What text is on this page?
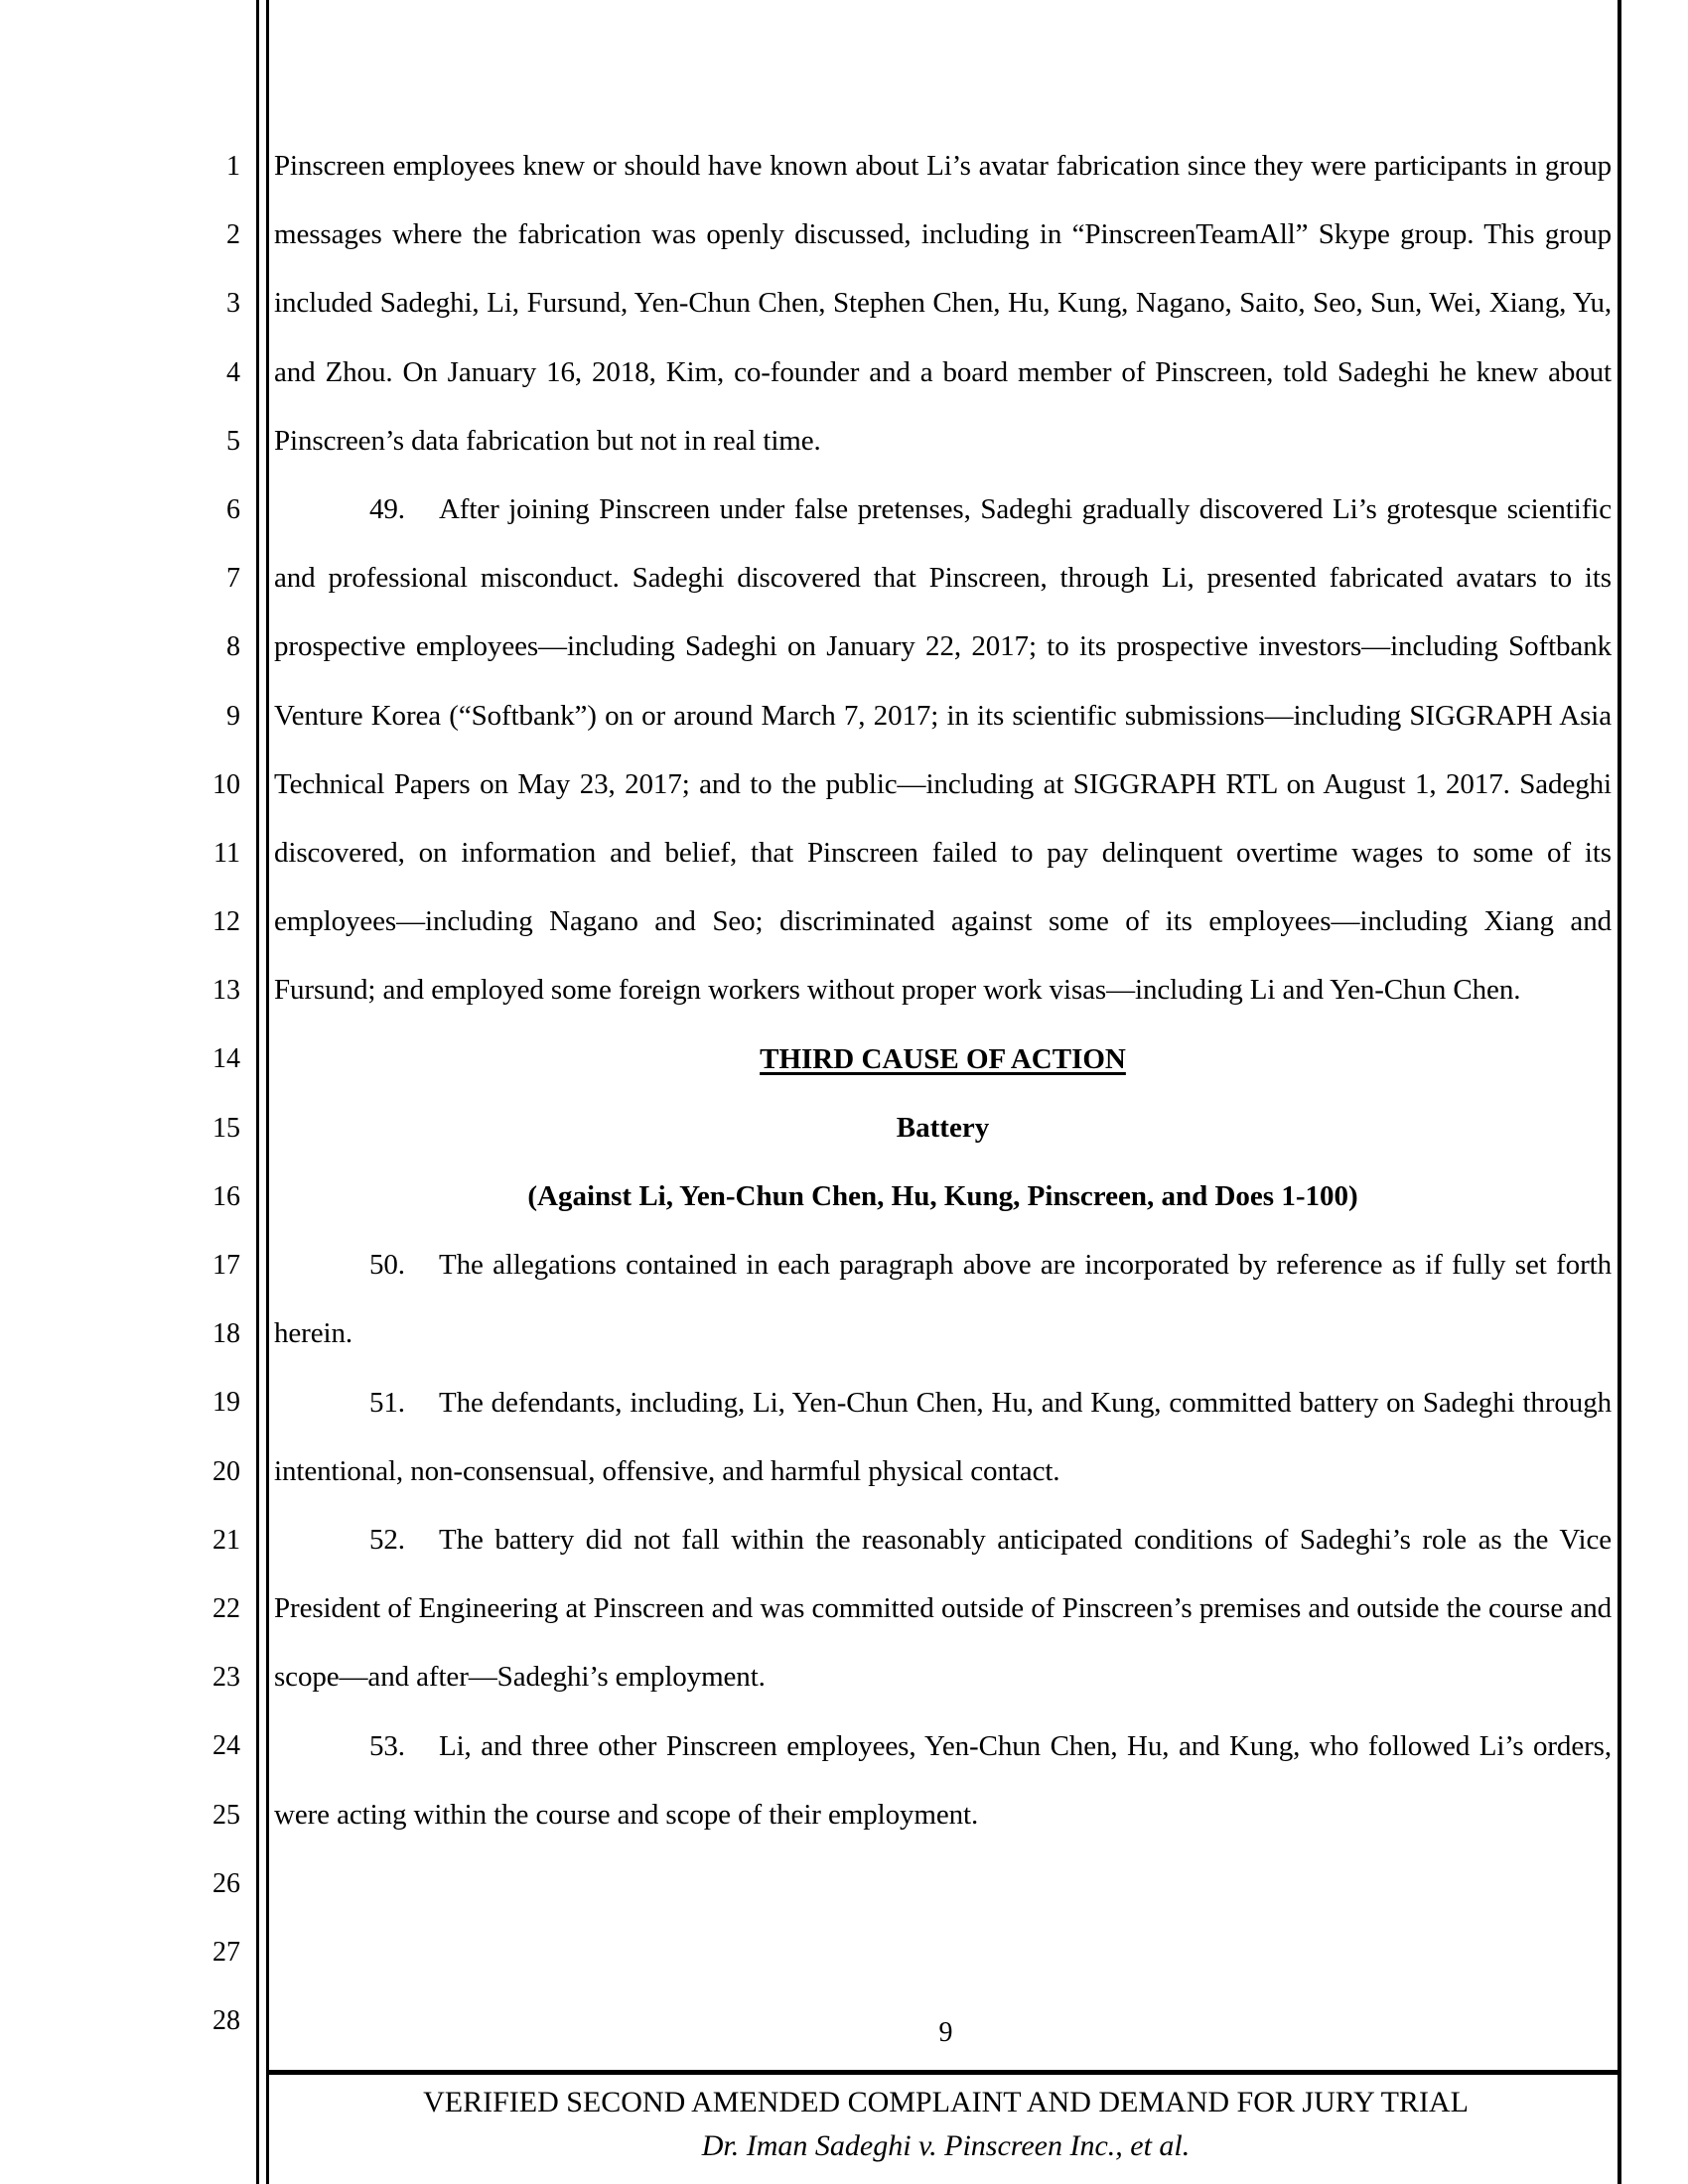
1
2
3
4
5
6
7
8
9
10
11
12
13
14
15
16
17
18
19
20
21
22
23
24
25
26
27
28

Pinscreen employees knew or should have known about Li’s avatar fabrication since they were participants in group messages where the fabrication was openly discussed, including in “PinscreenTeamAll” Skype group. This group included Sadeghi, Li, Fursund, Yen-Chun Chen, Stephen Chen, Hu, Kung, Nagano, Saito, Seo, Sun, Wei, Xiang, Yu, and Zhou. On January 16, 2018, Kim, co-founder and a board member of Pinscreen, told Sadeghi he knew about Pinscreen’s data fabrication but not in real time.

49. After joining Pinscreen under false pretenses, Sadeghi gradually discovered Li’s grotesque scientific and professional misconduct. Sadeghi discovered that Pinscreen, through Li, presented fabricated avatars to its prospective employees—including Sadeghi on January 22, 2017; to its prospective investors—including Softbank Venture Korea (“Softbank”) on or around March 7, 2017; in its scientific submissions—including SIGGRAPH Asia Technical Papers on May 23, 2017; and to the public—including at SIGGRAPH RTL on August 1, 2017. Sadeghi discovered, on information and belief, that Pinscreen failed to pay delinquent overtime wages to some of its employees—including Nagano and Seo; discriminated against some of its employees—including Xiang and Fursund; and employed some foreign workers without proper work visas—including Li and Yen-Chun Chen.

THIRD CAUSE OF ACTION
Battery
(Against Li, Yen-Chun Chen, Hu, Kung, Pinscreen, and Does 1-100)

50. The allegations contained in each paragraph above are incorporated by reference as if fully set forth herein.

51. The defendants, including, Li, Yen-Chun Chen, Hu, and Kung, committed battery on Sadeghi through intentional, non-consensual, offensive, and harmful physical contact.

52. The battery did not fall within the reasonably anticipated conditions of Sadeghi’s role as the Vice President of Engineering at Pinscreen and was committed outside of Pinscreen’s premises and outside the course and scope—and after—Sadeghi’s employment.

53. Li, and three other Pinscreen employees, Yen-Chun Chen, Hu, and Kung, who followed Li’s orders, were acting within the course and scope of their employment.

9
VERIFIED SECOND AMENDED COMPLAINT AND DEMAND FOR JURY TRIAL
Dr. Iman Sadeghi v. Pinscreen Inc., et al.
